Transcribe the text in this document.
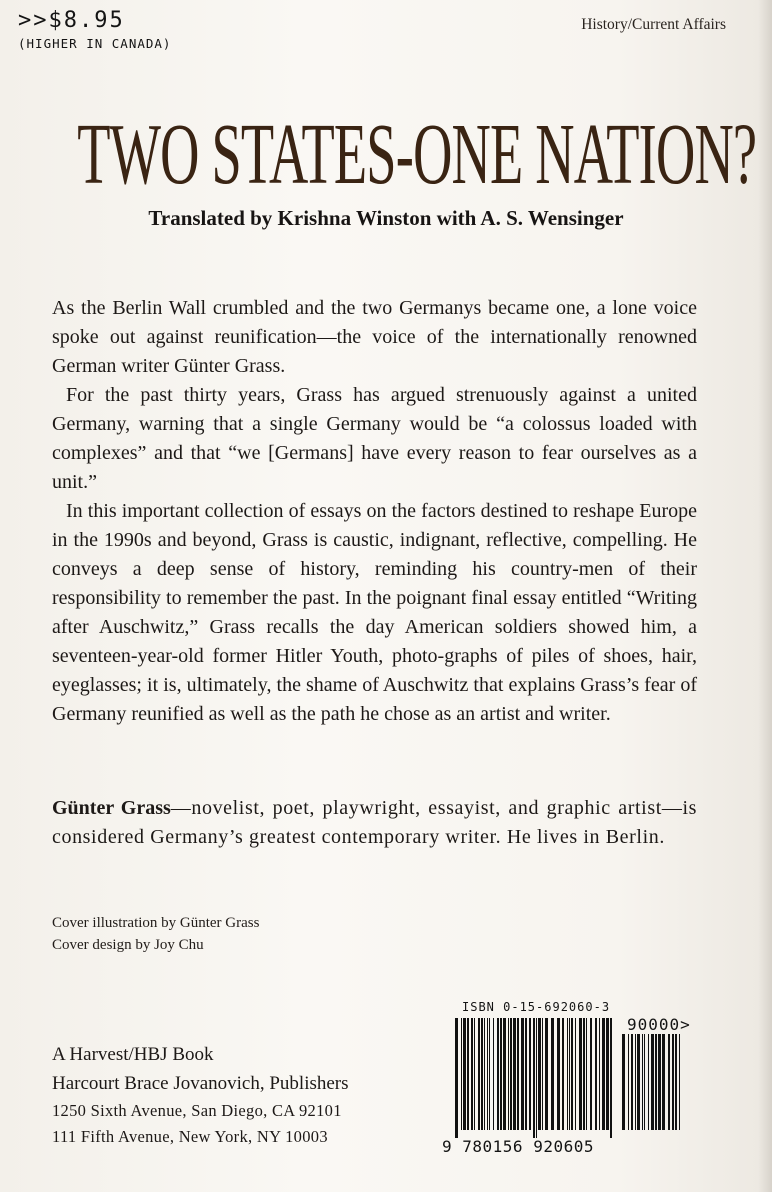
>>$8.95
(HIGHER IN CANADA)
History/Current Affairs
TWO STATES-ONE NATION?
Translated by Krishna Winston with A. S. Wensinger

As the Berlin Wall crumbled and the two Germanys became one, a lone voice spoke out against reunification—the voice of the internationally renowned German writer Günter Grass.

For the past thirty years, Grass has argued strenuously against a united Germany, warning that a single Germany would be “a colossus loaded with complexes” and that “we [Germans] have every reason to fear ourselves as a unit.”

In this important collection of essays on the factors destined to reshape Europe in the 1990s and beyond, Grass is caustic, indignant, reflective, compelling. He conveys a deep sense of history, reminding his country-men of their responsibility to remember the past. In the poignant final essay entitled “Writing after Auschwitz,” Grass recalls the day American soldiers showed him, a seventeen-year-old former Hitler Youth, photo-graphs of piles of shoes, hair, eyeglasses; it is, ultimately, the shame of Auschwitz that explains Grass’s fear of Germany reunified as well as the path he chose as an artist and writer.

Günter Grass—novelist, poet, playwright, essayist, and graphic artist—is considered Germany’s greatest contemporary writer. He lives in Berlin.
Cover illustration by Günter Grass
Cover design by Joy Chu
A Harvest/HBJ Book
Harcourt Brace Jovanovich, Publishers
1250 Sixth Avenue, San Diego, CA 92101
111 Fifth Avenue, New York, NY 10003
ISBN 0-15-692060-3
90000>
9 780156 920605
